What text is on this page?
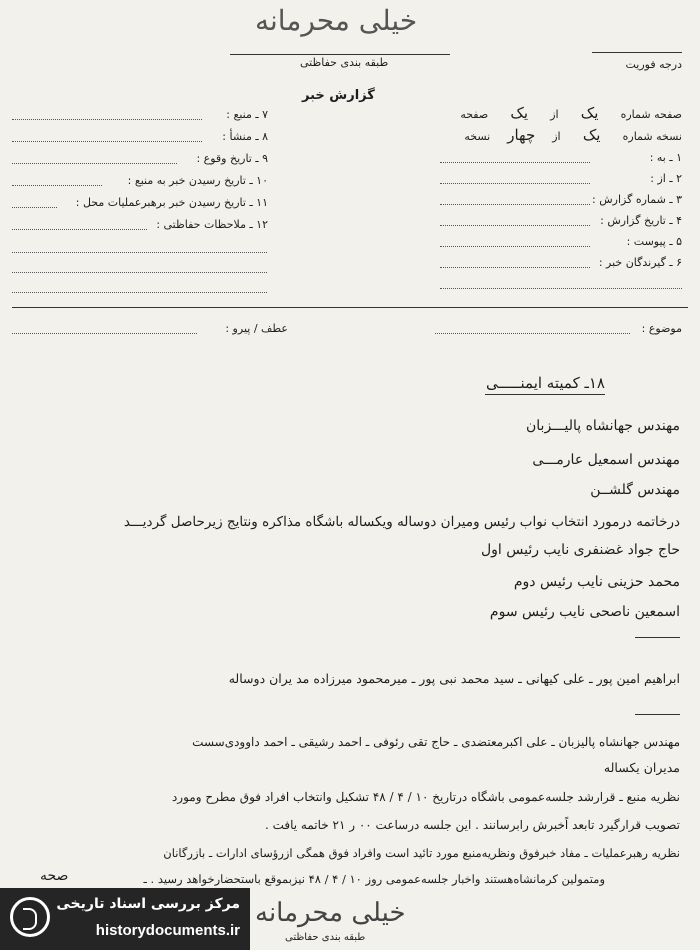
خیلی محرمانه
طبقه بندی حفاظتی	درجه فوریت
گزارش خبر
صفحه شماره یک از یک صفحه
نسخه شماره یک از چهار نسخه
۱ ـ به :
۲ ـ از :
۳ ـ شماره گزارش :
۴ ـ تاریخ گزارش :
۵ ـ پیوست :
۶ ـ گیرندگان خبر :
۷ ـ منبع :
۸ ـ منشأ :
۹ ـ تاریخ وقوع :
۱۰ ـ تاریخ رسیدن خبر به منبع :
۱۱ ـ تاریخ رسیدن خبر برهبرعملیات محل :
۱۲ ـ ملاحظات حفاظتی :
موضوع :
عطف / پیرو :
۱۸ـ کمیته ایمنـــــی
مهندس جهانشاه پالیـــزبان
مهندس اسمعیل عارمـــی
مهندس گلشــن
درخاتمه درمورد انتخاب نواب رئیس ومیران دوساله ویکساله باشگاه مذاکره ونتایج زیرحاصل گردیـــد
حاج جواد غضنفری نایب رئیس اول
محمد حزینی نایب رئیس دوم
اسمعین ناصحی نایب رئیس سوم
ابراهیم امین پور ـ علی کیهانی ـ سید محمد نبی پور ـ میرمحمود میرزاده مد یران دوساله
مهندس جهانشاه پالیزبان ـ علی اکبرمعتضدی ـ حاج تقی رئوفی ـ احمد رشیقی ـ احمد داوودی‌سست
مدیران یکساله
نظریه منبع ـ قرارشد جلسه‌عمومی باشگاه درتاریخ ۱۰ / ۴ / ۴۸ تشکیل وانتخاب افراد فوق مطرح ومورد
تصویب قرارگیرد تابعد اً‌خبرش رابرسانند . این جلسه درساعت ۰۰ ر ۲۱ خاتمه یافت .
نظریه رهبرعملیات ـ مفاد خبرفوق ونظریه‌منبع مورد تائید است وافراد فوق همگی ازرؤسای ادارات ـ بازرگانان
ومتمولین کرمانشاه‌هستند واخبار جلسه‌عمومی روز ۱۰ / ۴ / ۴۸ نیزبموقع باستحضارخواهد رسید . ـ
صحه
خیلی محرمانه
طبقه بندی حفاظتی
مرکز بررسی اسناد تاریخی
historydocuments.ir
